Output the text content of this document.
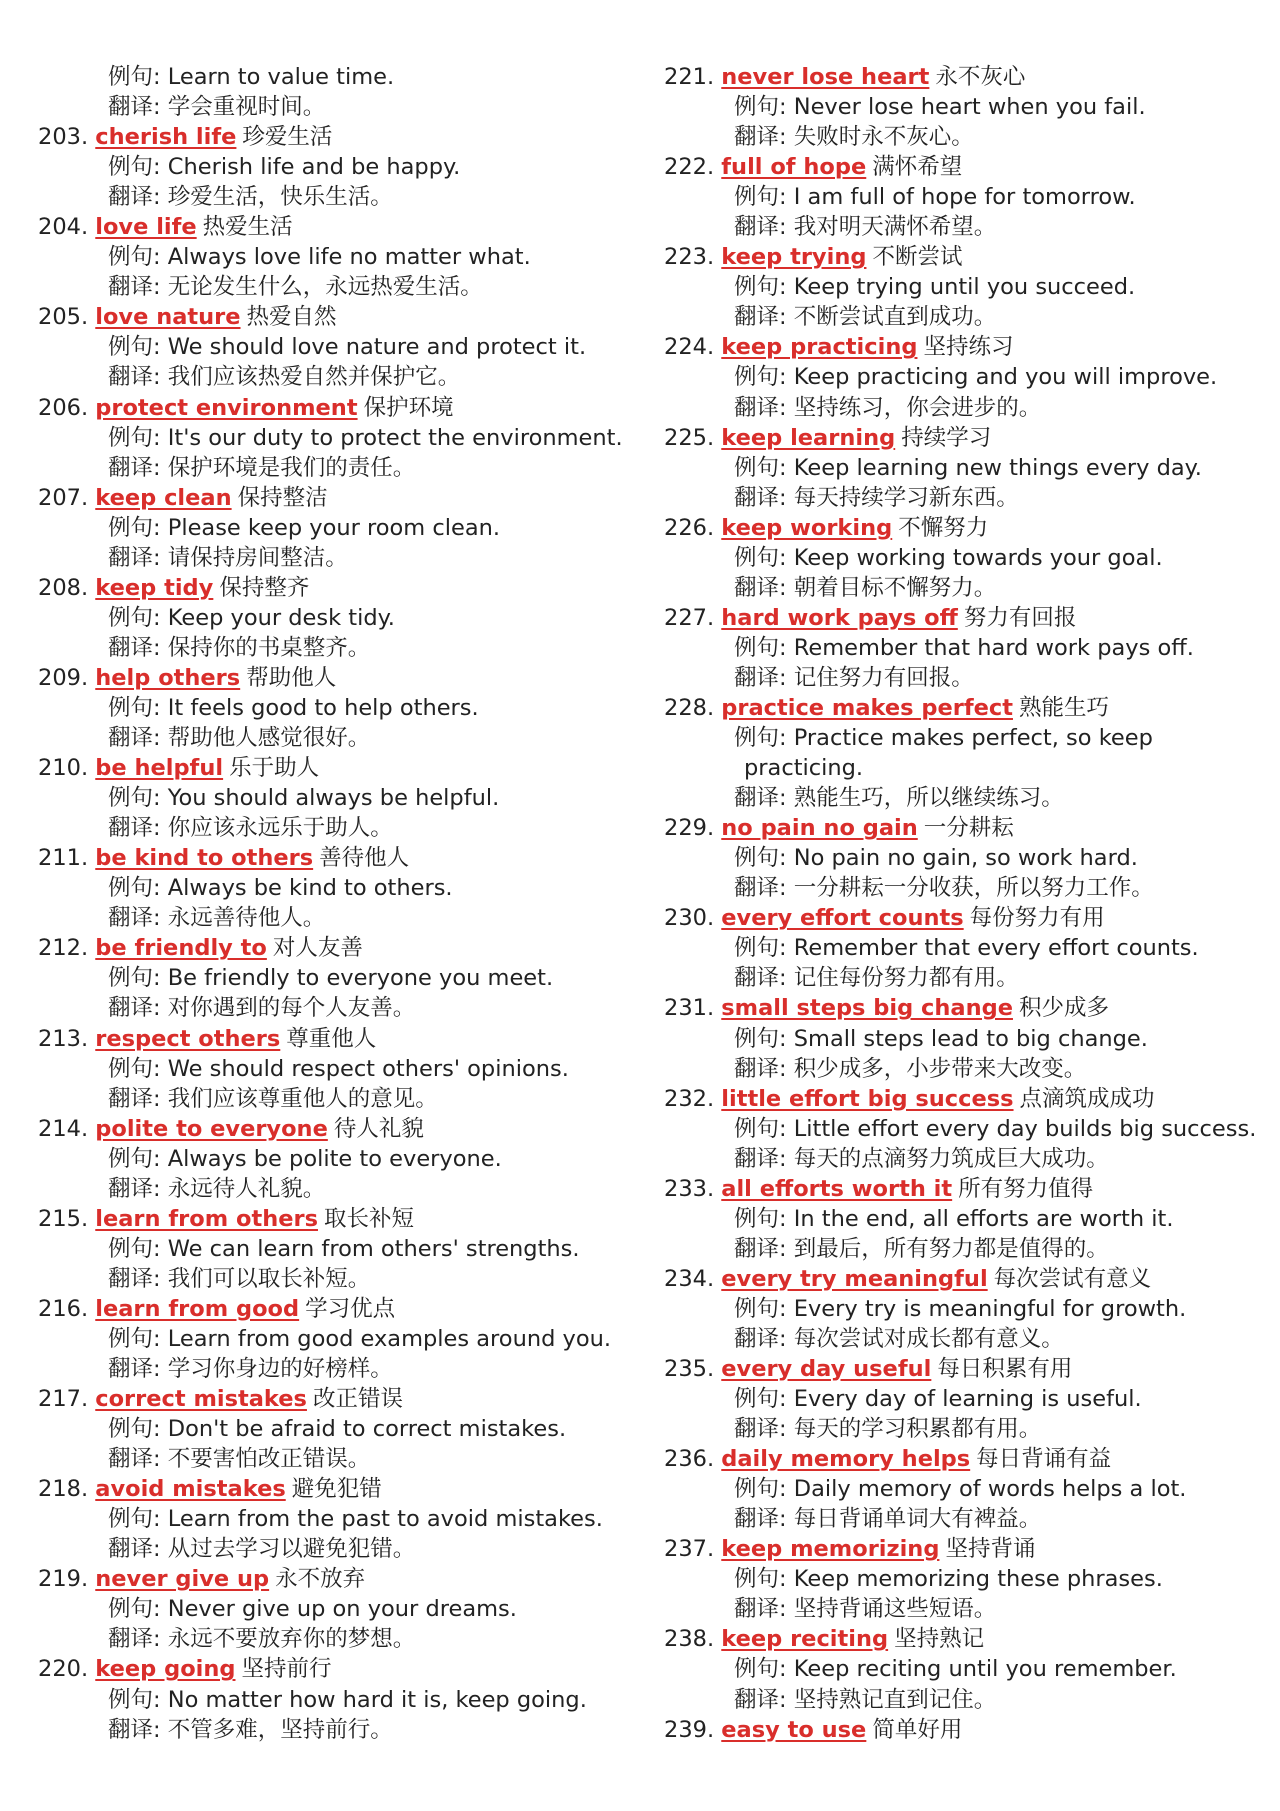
例句: Learn to value time.
翻译: 学会重视时间。
203. cherish life 珍爱生活
例句: Cherish life and be happy.
翻译: 珍爱生活，快乐生活。
204. love life 热爱生活
例句: Always love life no matter what.
翻译: 无论发生什么，永远热爱生活。
205. love nature 热爱自然
例句: We should love nature and protect it.
翻译: 我们应该热爱自然并保护它。
206. protect environment 保护环境
例句: It's our duty to protect the environment.
翻译: 保护环境是我们的责任。
207. keep clean 保持整洁
例句: Please keep your room clean.
翻译: 请保持房间整洁。
208. keep tidy 保持整齐
例句: Keep your desk tidy.
翻译: 保持你的书桌整齐。
209. help others 帮助他人
例句: It feels good to help others.
翻译: 帮助他人感觉很好。
210. be helpful 乐于助人
例句: You should always be helpful.
翻译: 你应该永远乐于助人。
211. be kind to others 善待他人
例句: Always be kind to others.
翻译: 永远善待他人。
212. be friendly to 对人友善
例句: Be friendly to everyone you meet.
翻译: 对你遇到的每个人友善。
213. respect others 尊重他人
例句: We should respect others' opinions.
翻译: 我们应该尊重他人的意见。
214. polite to everyone 待人礼貌
例句: Always be polite to everyone.
翻译: 永远待人礼貌。
215. learn from others 取长补短
例句: We can learn from others' strengths.
翻译: 我们可以取长补短。
216. learn from good 学习优点
例句: Learn from good examples around you.
翻译: 学习你身边的好榜样。
217. correct mistakes 改正错误
例句: Don't be afraid to correct mistakes.
翻译: 不要害怕改正错误。
218. avoid mistakes 避免犯错
例句: Learn from the past to avoid mistakes.
翻译: 从过去学习以避免犯错。
219. never give up 永不放弃
例句: Never give up on your dreams.
翻译: 永远不要放弃你的梦想。
220. keep going 坚持前行
例句: No matter how hard it is, keep going.
翻译: 不管多难，坚持前行。
221. never lose heart 永不灰心
例句: Never lose heart when you fail.
翻译: 失败时永不灰心。
222. full of hope 满怀希望
例句: I am full of hope for tomorrow.
翻译: 我对明天满怀希望。
223. keep trying 不断尝试
例句: Keep trying until you succeed.
翻译: 不断尝试直到成功。
224. keep practicing 坚持练习
例句: Keep practicing and you will improve.
翻译: 坚持练习，你会进步的。
225. keep learning 持续学习
例句: Keep learning new things every day.
翻译: 每天持续学习新东西。
226. keep working 不懈努力
例句: Keep working towards your goal.
翻译: 朝着目标不懈努力。
227. hard work pays off 努力有回报
例句: Remember that hard work pays off.
翻译: 记住努力有回报。
228. practice makes perfect 熟能生巧
例句: Practice makes perfect, so keep
practicing.
翻译: 熟能生巧，所以继续练习。
229. no pain no gain 一分耕耘
例句: No pain no gain, so work hard.
翻译: 一分耕耘一分收获，所以努力工作。
230. every effort counts 每份努力有用
例句: Remember that every effort counts.
翻译: 记住每份努力都有用。
231. small steps big change 积少成多
例句: Small steps lead to big change.
翻译: 积少成多，小步带来大改变。
232. little effort big success 点滴筑成成功
例句: Little effort every day builds big success.
翻译: 每天的点滴努力筑成巨大成功。
233. all efforts worth it 所有努力值得
例句: In the end, all efforts are worth it.
翻译: 到最后，所有努力都是值得的。
234. every try meaningful 每次尝试有意义
例句: Every try is meaningful for growth.
翻译: 每次尝试对成长都有意义。
235. every day useful 每日积累有用
例句: Every day of learning is useful.
翻译: 每天的学习积累都有用。
236. daily memory helps 每日背诵有益
例句: Daily memory of words helps a lot.
翻译: 每日背诵单词大有裨益。
237. keep memorizing 坚持背诵
例句: Keep memorizing these phrases.
翻译: 坚持背诵这些短语。
238. keep reciting 坚持熟记
例句: Keep reciting until you remember.
翻译: 坚持熟记直到记住。
239. easy to use 简单好用
